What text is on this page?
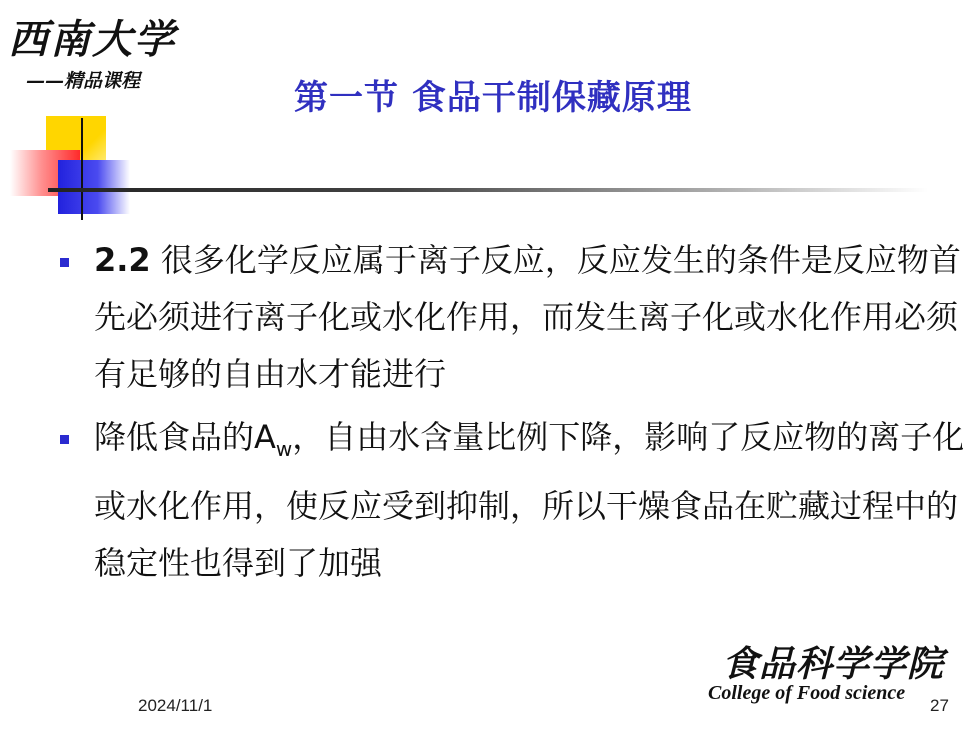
西南大学
——精品课程	第一节 食品干制保藏原理
2.2 很多化学反应属于离子反应，反应发生的条件是反应物首先必须进行离子化或水化作用，而发生离子化或水化作用必须有足够的自由水才能进行
降低食品的$A_w$，自由水含量比例下降，影响了反应物的离子化或水化作用，使反应受到抑制，所以干燥食品在贮藏过程中的稳定性也得到了加强
食品科学学院
College of Food science
2024/11/1	27
